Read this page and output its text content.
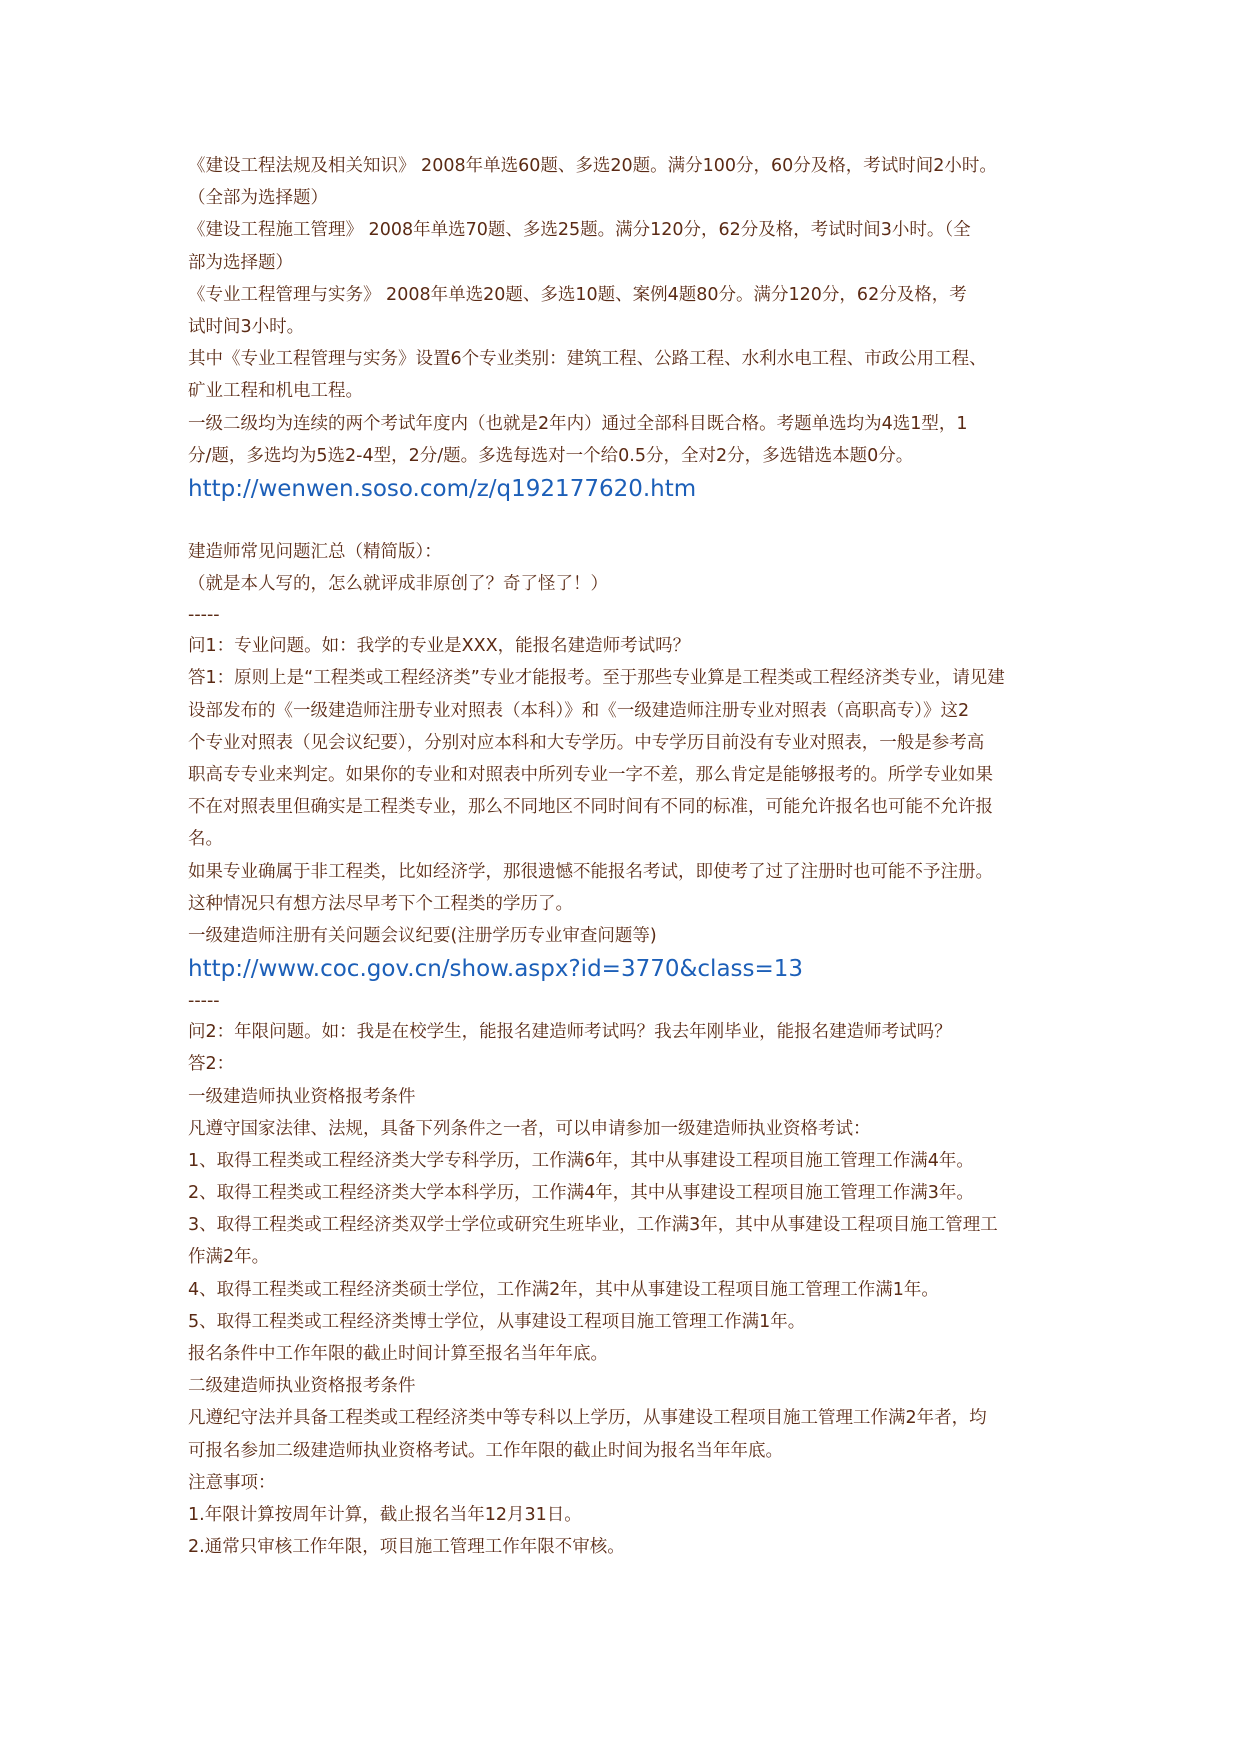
《建设工程法规及相关知识》 2008年单选60题、多选20题。满分100分，60分及格，考试时间2小时。
（全部为选择题）
《建设工程施工管理》 2008年单选70题、多选25题。满分120分，62分及格，考试时间3小时。（全
部为选择题）
《专业工程管理与实务》 2008年单选20题、多选10题、案例4题80分。满分120分，62分及格，考
试时间3小时。
其中《专业工程管理与实务》设置6个专业类别：建筑工程、公路工程、水利水电工程、市政公用工程、
矿业工程和机电工程。
一级二级均为连续的两个考试年度内（也就是2年内）通过全部科目既合格。考题单选均为4选1型，1
分/题，多选均为5选2-4型，2分/题。多选每选对一个给0.5分，全对2分，多选错选本题0分。
http://wenwen.soso.com/z/q192177620.htm
建造师常见问题汇总（精简版）：
（就是本人写的，怎么就评成非原创了？奇了怪了！）
-----
问1：专业问题。如：我学的专业是XXX，能报名建造师考试吗？
答1：原则上是“工程类或工程经济类”专业才能报考。至于那些专业算是工程类或工程经济类专业，请见建
设部发布的《一级建造师注册专业对照表（本科）》和《一级建造师注册专业对照表（高职高专）》这2
个专业对照表（见会议纪要），分别对应本科和大专学历。中专学历目前没有专业对照表，一般是参考高
职高专专业来判定。如果你的专业和对照表中所列专业一字不差，那么肯定是能够报考的。所学专业如果
不在对照表里但确实是工程类专业，那么不同地区不同时间有不同的标准，可能允许报名也可能不允许报
名。
如果专业确属于非工程类，比如经济学，那很遗憾不能报名考试，即使考了过了注册时也可能不予注册。
这种情况只有想方法尽早考下个工程类的学历了。
一级建造师注册有关问题会议纪要(注册学历专业审查问题等)
http://www.coc.gov.cn/show.aspx?id=3770&class=13
-----
问2：年限问题。如：我是在校学生，能报名建造师考试吗？我去年刚毕业，能报名建造师考试吗？
答2：
一级建造师执业资格报考条件
凡遵守国家法律、法规，具备下列条件之一者，可以申请参加一级建造师执业资格考试：
1、取得工程类或工程经济类大学专科学历，工作满6年，其中从事建设工程项目施工管理工作满4年。
2、取得工程类或工程经济类大学本科学历，工作满4年，其中从事建设工程项目施工管理工作满3年。
3、取得工程类或工程经济类双学士学位或研究生班毕业，工作满3年，其中从事建设工程项目施工管理工
作满2年。
4、取得工程类或工程经济类硕士学位，工作满2年，其中从事建设工程项目施工管理工作满1年。
5、取得工程类或工程经济类博士学位，从事建设工程项目施工管理工作满1年。
报名条件中工作年限的截止时间计算至报名当年年底。
二级建造师执业资格报考条件
凡遵纪守法并具备工程类或工程经济类中等专科以上学历，从事建设工程项目施工管理工作满2年者，均
可报名参加二级建造师执业资格考试。工作年限的截止时间为报名当年年底。
注意事项：
1.年限计算按周年计算，截止报名当年12月31日。
2.通常只审核工作年限，项目施工管理工作年限不审核。
